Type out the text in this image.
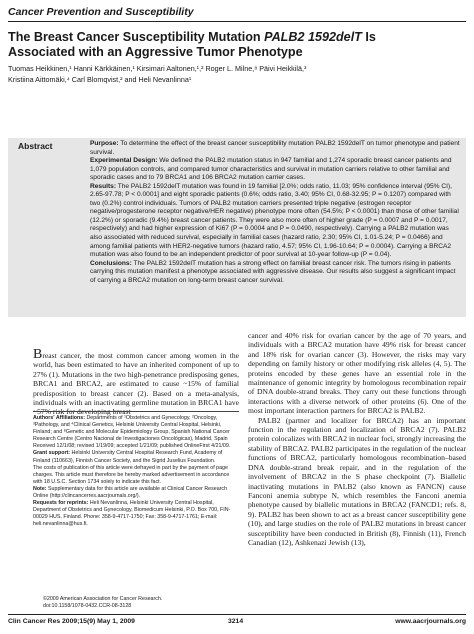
Cancer Prevention and Susceptibility
The Breast Cancer Susceptibility Mutation PALB2 1592delT Is
Associated with an Aggressive Tumor Phenotype
Tuomas Heikkinen,¹ Hanni Kärkkäinen,¹ Kirsimari Aaltonen,¹,² Roger L. Milne,⁸ Päivi Heikkilä,³
Kristiina Aittomäki,⁴ Carl Blomqvist,² and Heli Nevanlinna¹
Abstract	Purpose: To determine the effect of the breast cancer susceptibility mutation PALB2 1592delT on tumor phenotype and patient survival.

Experimental Design: We defined the PALB2 mutation status in 947 familial and 1,274 sporadic breast cancer patients and 1,079 population controls, and compared tumor characteristics and survival in mutation carriers relative to other familial and sporadic cases and to 79 BRCA1 and 106 BRCA2 mutation carrier cases.

Results: The PALB2 1592delT mutation was found in 19 familial [2.0%; odds ratio, 11.03; 95% confidence interval (95% CI), 2.65-97.78; P < 0.0001] and eight sporadic patients (0.6%; odds ratio, 3.40; 95% CI, 0.68-32.95; P = 0.1207) compared with two (0.2%) control individuals. Tumors of PALB2 mutation carriers presented triple negative (estrogen receptor negative/progesterone receptor negative/HER negative) phenotype more often (54.5%; P < 0.0001) than those of other familial (12.2%) or sporadic (9.4%) breast cancer patients. They were also more often of higher grade (P = 0.0007 and P = 0.0017, respectively) and had higher expression of Ki67 (P = 0.0004 and P = 0.0490, respectively). Carrying a PALB2 mutation was also associated with reduced survival, especially in familial cases (hazard ratio, 2.30; 95% CI, 1.01-5.24; P = 0.0466) and among familial patients with HER2-negative tumors (hazard ratio, 4.57; 95% CI, 1.96-10.64; P = 0.0004). Carrying a BRCA2 mutation was also found to be an independent predictor of poor survival at 10-year follow-up (P = 0.04).

Conclusions: The PALB2 1592delT mutation has a strong effect on familial breast cancer risk. The tumors rising in patients carrying this mutation manifest a phenotype associated with aggressive disease. Our results also suggest a significant impact of carrying a BRCA2 mutation on long-term breast cancer survival.

Breast cancer, the most common cancer among women in the world, has been estimated to have an inherited component of up to 27% (1). Mutations in the two high-penetrance predisposing genes, BRCA1 and BRCA2, are estimated to cause ~15% of familial predisposition to breast cancer (2). Based on a meta-analysis, individuals with an inactivating germline mutation in BRCA1 have ~57% risk for developing breast

Authors' Affiliations: Departments of ¹Obstetrics and Gynecology, ²Oncology, ³Pathology, and ⁴Clinical Genetics, Helsinki University Central Hospital, Helsinki, Finland; and ⁸Genetic and Molecular Epidemiology Group, Spanish National Cancer Research Centre (Centro Nacional de Investigaciones Oncológicas), Madrid, Spain

Received 12/1/08; revised 1/19/09; accepted 1/21/09; published OnlineFirst 4/21/09.

Grant support: Helsinki University Central Hospital Research Fund, Academy of Finland (110663), Finnish Cancer Society, and the Sigrid Juselius Foundation.

The costs of publication of this article were defrayed in part by the payment of page charges. This article must therefore be hereby marked advertisement in accordance with 18 U.S.C. Section 1734 solely to indicate this fact.

Note: Supplementary data for this article are available at Clinical Cancer Research Online (http://clincancerres.aacrjournals.org/).

Requests for reprints: Heli Nevanlinna, Helsinki University Central Hospital, Department of Obstetrics and Gynecology, Biomedicum Helsinki, P.O. Box 700, FIN-00029 HUS, Finland. Phone: 358-9-4717-1750; Fax: 358-9-4717-1761; E-mail: heli.nevanlinna@hus.fi.

©2009 American Association for Cancer Research.
doi:10.1158/1078-0432.CCR-08-3128

cancer and 40% risk for ovarian cancer by the age of 70 years, and individuals with a BRCA2 mutation have 49% risk for breast cancer and 18% risk for ovarian cancer (3). However, the risks may vary depending on family history or other modifying risk alleles (4, 5). The proteins encoded by these genes have an essential role in the maintenance of genomic integrity by homologous recombination repair of DNA double-strand breaks. They carry out these functions through interactions with a diverse network of other proteins (6). One of the most important interaction partners for BRCA2 is PALB2.

PALB2 (partner and localizer for BRCA2) has an important function in the regulation and localization of BRCA2 (7). PALB2 protein colocalizes with BRCA2 in nuclear foci, strongly increasing the stability of BRCA2. PALB2 participates in the regulation of the nuclear functions of BRCA2, particularly homologous recombination–based DNA double-strand break repair, and in the regulation of the involvement of BRCA2 in the S phase checkpoint (7). Biallelic inactivating mutations in PALB2 (also known as FANCN) cause Fanconi anemia subtype N, which resembles the Fanconi anemia phenotype caused by biallelic mutations in BRCA2 (FANCD1; refs. 8, 9). PALB2 has been shown to act as a breast cancer susceptibility gene (10), and large studies on the role of PALB2 mutations in breast cancer susceptibility have been conducted in British (8), Finnish (11), French Canadian (12), Ashkenazi Jewish (13),

Clin Cancer Res 2009;15(9) May 1, 2009	3214	www.aacrjournals.org
